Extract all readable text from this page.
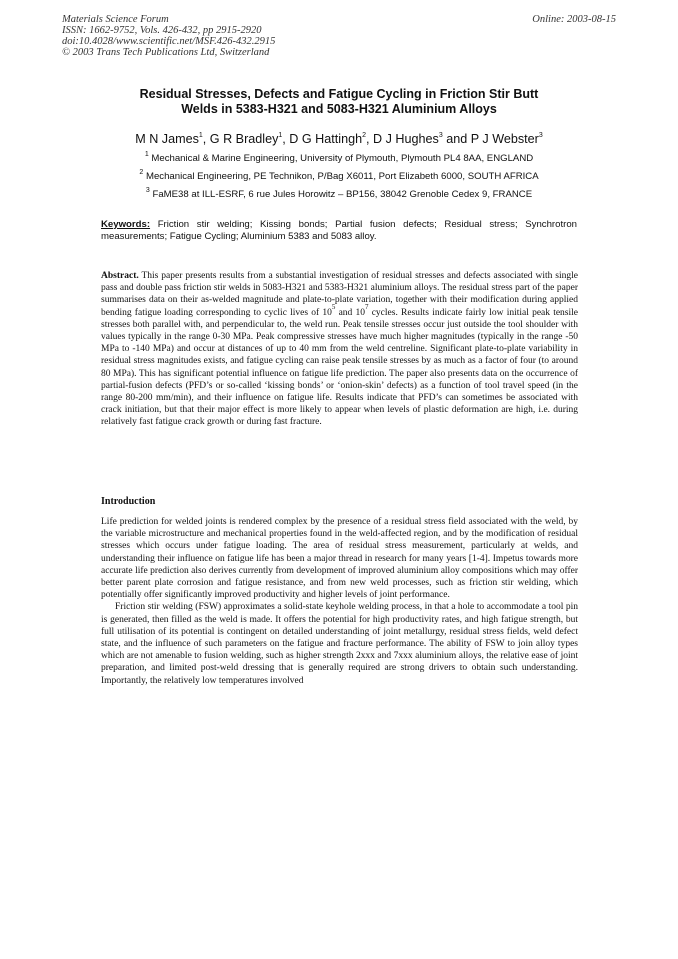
Materials Science Forum
ISSN: 1662-9752, Vols. 426-432, pp 2915-2920
doi:10.4028/www.scientific.net/MSF.426-432.2915
© 2003 Trans Tech Publications Ltd, Switzerland
Online: 2003-08-15
Residual Stresses, Defects and Fatigue Cycling in Friction Stir Butt
Welds in 5383-H321 and 5083-H321 Aluminium Alloys
M N James$^1$, G R Bradley$^1$, D G Hattingh$^2$, D J Hughes$^3$ and P J Webster$^3$
$^1$ Mechanical & Marine Engineering, University of Plymouth, Plymouth PL4 8AA, ENGLAND
$^2$ Mechanical Engineering, PE Technikon, P/Bag X6011, Port Elizabeth 6000, SOUTH AFRICA
$^3$ FaME38 at ILL-ESRF, 6 rue Jules Horowitz – BP156, 38042 Grenoble Cedex 9, FRANCE
Keywords: Friction stir welding; Kissing bonds; Partial fusion defects; Residual stress; Synchrotron measurements; Fatigue Cycling; Aluminium 5383 and 5083 alloy.
Abstract. This paper presents results from a substantial investigation of residual stresses and defects associated with single pass and double pass friction stir welds in 5083-H321 and 5383-H321 aluminium alloys. The residual stress part of the paper summarises data on their as-welded magnitude and plate-to-plate variation, together with their modification during applied bending fatigue loading corresponding to cyclic lives of $10^5$ and $10^7$ cycles. Results indicate fairly low initial peak tensile stresses both parallel with, and perpendicular to, the weld run. Peak tensile stresses occur just outside the tool shoulder with values typically in the range 0-30 MPa. Peak compressive stresses have much higher magnitudes (typically in the range -50 MPa to -140 MPa) and occur at distances of up to 40 mm from the weld centreline. Significant plate-to-plate variability in residual stress magnitudes exists, and fatigue cycling can raise peak tensile stresses by as much as a factor of four (to around 80 MPa). This has significant potential influence on fatigue life prediction. The paper also presents data on the occurrence of partial-fusion defects (PFD’s or so-called ‘kissing bonds’ or ‘onion-skin’ defects) as a function of tool travel speed (in the range 80-200 mm/min), and their influence on fatigue life. Results indicate that PFD’s can sometimes be associated with crack initiation, but that their major effect is more likely to appear when levels of plastic deformation are high, i.e. during relatively fast fatigue crack growth or during fast fracture.
Introduction

Life prediction for welded joints is rendered complex by the presence of a residual stress field associated with the weld, by the variable microstructure and mechanical properties found in the weld-affected region, and by the modification of residual stresses which occurs under fatigue loading. The area of residual stress measurement, particularly at welds, and understanding their influence on fatigue life has been a major thread in research for many years [1-4]. Impetus towards more accurate life prediction also derives currently from development of improved aluminium alloy compositions which may offer better parent plate corrosion and fatigue resistance, and from new weld processes, such as friction stir welding, which potentially offer significantly improved productivity and higher levels of joint performance.

Friction stir welding (FSW) approximates a solid-state keyhole welding process, in that a hole to accommodate a tool pin is generated, then filled as the weld is made. It offers the potential for high productivity rates, and high fatigue strength, but full utilisation of its potential is contingent on detailed understanding of joint metallurgy, residual stress fields, weld defect state, and the influence of such parameters on the fatigue and fracture performance. The ability of FSW to join alloy types which are not amenable to fusion welding, such as higher strength 2xxx and 7xxx aluminium alloys, the relative ease of joint preparation, and limited post-weld dressing that is generally required are strong drivers to obtain such understanding. Importantly, the relatively low temperatures involved
